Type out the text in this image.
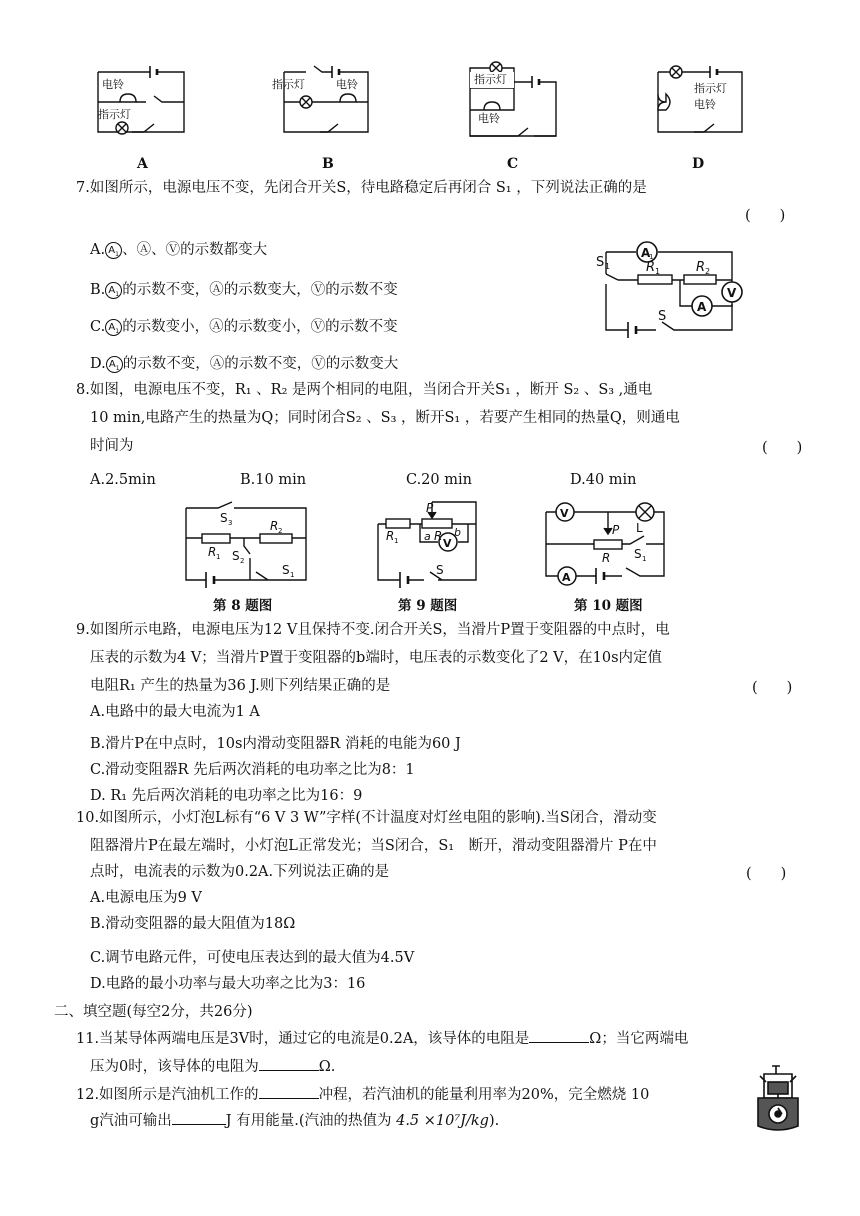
电铃
指示灯
指示灯	电铃	指示灯
电铃
指示灯
电铃
A	B	C	D
7.如图所示，电源电压不变，先闭合开关S，待电路稳定后再闭合 S₁ ，下列说法正确的是
(　　)
A. $A_1$ 、Ⓐ、Ⓥ的示数都变大
B. $A_1$ 的示数不变，Ⓐ的示数变大，Ⓥ的示数不变
C. $A_1$ 的示数变小，Ⓐ的示数变小，Ⓥ的示数不变
D. $A_1$ 的示数不变，Ⓐ的示数不变，Ⓥ的示数变大
A
1
V
A
S 1	R 1	R 2
S
8.如图，电源电压不变，R₁ 、R₂ 是两个相同的电阻，当闭合开关S₁ ，断开 S₂ 、S₃ ,通电
10 min,电路产生的热量为Q；同时闭合S₂ 、S₃ ，断开S₁ ，若要产生相同的热量Q，则通电
时间为	(　　)
A.2.5min	B.10 min	C.20 min	D.40 min
S 3	R 2
R 1 S 2
S 1
V
P
a R b
R 1
S
V
A
P
R
L
S 1
第 8 题图	第 9 题图	第 10 题图
9.如图所示电路，电源电压为12 V且保持不变.闭合开关S，当滑片P置于变阻器的中点时，电
压表的示数为4 V；当滑片P置于变阻器的b端时，电压表的示数变化了2 V，在10s内定值
电阻R₁ 产生的热量为36 J.则下列结果正确的是	(　　)
A.电路中的最大电流为1 A
B.滑片P在中点时，10s内滑动变阻器R 消耗的电能为60 J
C.滑动变阻器R 先后两次消耗的电功率之比为8：1
D. R₁ 先后两次消耗的电功率之比为16：9
10.如图所示，小灯泡L标有“6 V 3 W”字样(不计温度对灯丝电阻的影响).当S闭合，滑动变
阻器滑片P在最左端时，小灯泡L正常发光；当S闭合，S₁　断开，滑动变阻器滑片 P在中
点时，电流表的示数为0.2A.下列说法正确的是	(　　)
A.电源电压为9 V
B.滑动变阻器的最大阻值为18Ω
C.调节电路元件，可使电压表达到的最大值为4.5V
D.电路的最小功率与最大功率之比为3：16
二、填空题(每空2分，共26分)
11.当某导体两端电压是3V时，通过它的电流是0.2A，该导体的电阻是	Ω；当它两端电
压为0时，该导体的电阻为	Ω.
12.如图所示是汽油机工作的	冲程，若汽油机的能量利用率为20%，完全燃烧 10
g汽油可输出	J 有用能量.(汽油的热值为 4.5 ×10⁷J/kg).
